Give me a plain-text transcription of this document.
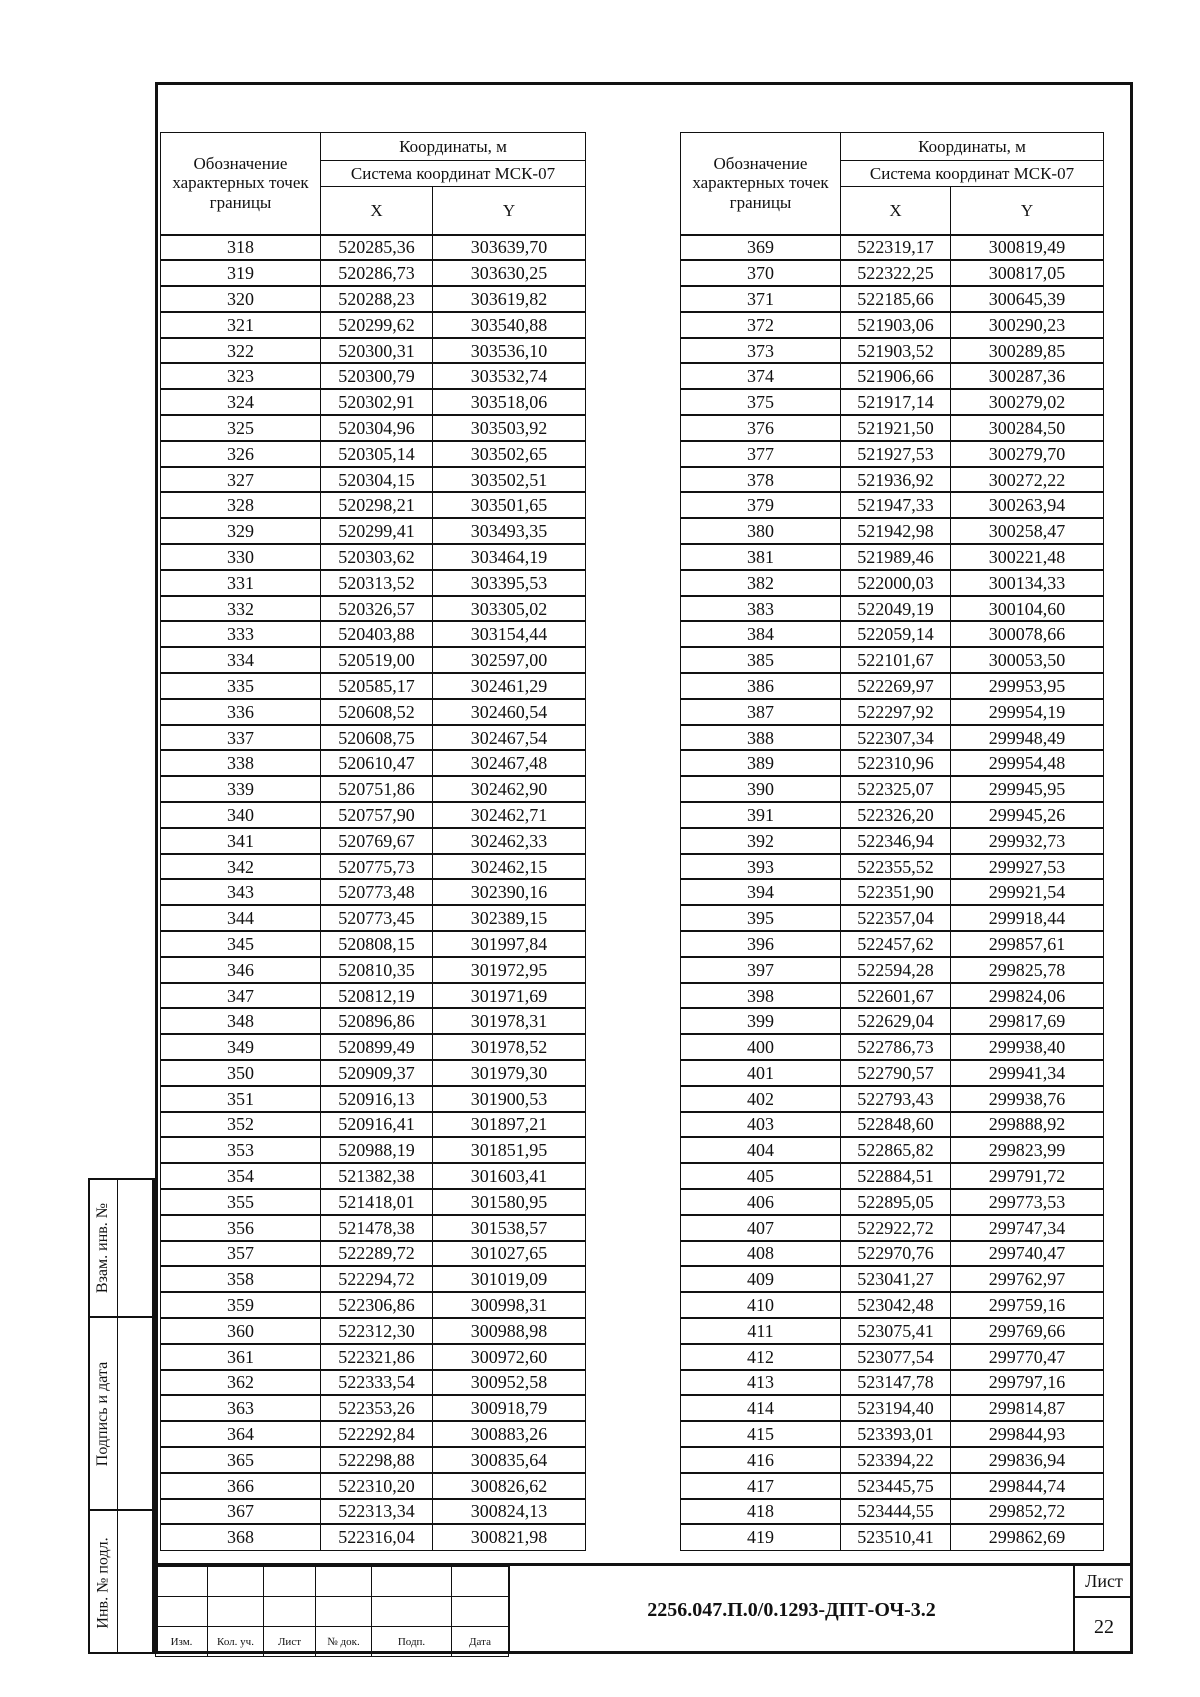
Обозначение характерных точек границы	Координаты, м	
	Система координат МСК-07	
	X	Y
318	520285,36	303639,70
319	520286,73	303630,25
320	520288,23	303619,82
321	520299,62	303540,88
322	520300,31	303536,10
323	520300,79	303532,74
324	520302,91	303518,06
325	520304,96	303503,92
326	520305,14	303502,65
327	520304,15	303502,51
328	520298,21	303501,65
329	520299,41	303493,35
330	520303,62	303464,19
331	520313,52	303395,53
332	520326,57	303305,02
333	520403,88	303154,44
334	520519,00	302597,00
335	520585,17	302461,29
336	520608,52	302460,54
337	520608,75	302467,54
338	520610,47	302467,48
339	520751,86	302462,90
340	520757,90	302462,71
341	520769,67	302462,33
342	520775,73	302462,15
343	520773,48	302390,16
344	520773,45	302389,15
345	520808,15	301997,84
346	520810,35	301972,95
347	520812,19	301971,69
348	520896,86	301978,31
349	520899,49	301978,52
350	520909,37	301979,30
351	520916,13	301900,53
352	520916,41	301897,21
353	520988,19	301851,95
354	521382,38	301603,41
355	521418,01	301580,95
356	521478,38	301538,57
357	522289,72	301027,65
358	522294,72	301019,09
359	522306,86	300998,31
360	522312,30	300988,98
361	522321,86	300972,60
362	522333,54	300952,58
363	522353,26	300918,79
364	522292,84	300883,26
365	522298,88	300835,64
366	522310,20	300826,62
367	522313,34	300824,13
368	522316,04	300821,98
Обозначение характерных точек границы	Координаты, м	
	Система координат МСК-07	
	X	Y
369	522319,17	300819,49
370	522322,25	300817,05
371	522185,66	300645,39
372	521903,06	300290,23
373	521903,52	300289,85
374	521906,66	300287,36
375	521917,14	300279,02
376	521921,50	300284,50
377	521927,53	300279,70
378	521936,92	300272,22
379	521947,33	300263,94
380	521942,98	300258,47
381	521989,46	300221,48
382	522000,03	300134,33
383	522049,19	300104,60
384	522059,14	300078,66
385	522101,67	300053,50
386	522269,97	299953,95
387	522297,92	299954,19
388	522307,34	299948,49
389	522310,96	299954,48
390	522325,07	299945,95
391	522326,20	299945,26
392	522346,94	299932,73
393	522355,52	299927,53
394	522351,90	299921,54
395	522357,04	299918,44
396	522457,62	299857,61
397	522594,28	299825,78
398	522601,67	299824,06
399	522629,04	299817,69
400	522786,73	299938,40
401	522790,57	299941,34
402	522793,43	299938,76
403	522848,60	299888,92
404	522865,82	299823,99
405	522884,51	299791,72
406	522895,05	299773,53
407	522922,72	299747,34
408	522970,76	299740,47
409	523041,27	299762,97
410	523042,48	299759,16
411	523075,41	299769,66
412	523077,54	299770,47
413	523147,78	299797,16
414	523194,40	299814,87
415	523393,01	299844,93
416	523394,22	299836,94
417	523445,75	299844,74
418	523444,55	299852,72
419	523510,41	299862,69

Изм.	Кол. уч.	Лист	№ док.	Подп.	Дата
2256.047.П.0/0.1293-ДПТ-ОЧ-3.2
Лист
22
Взам. инв. №
Подпись и дата
Инв. № подл.
